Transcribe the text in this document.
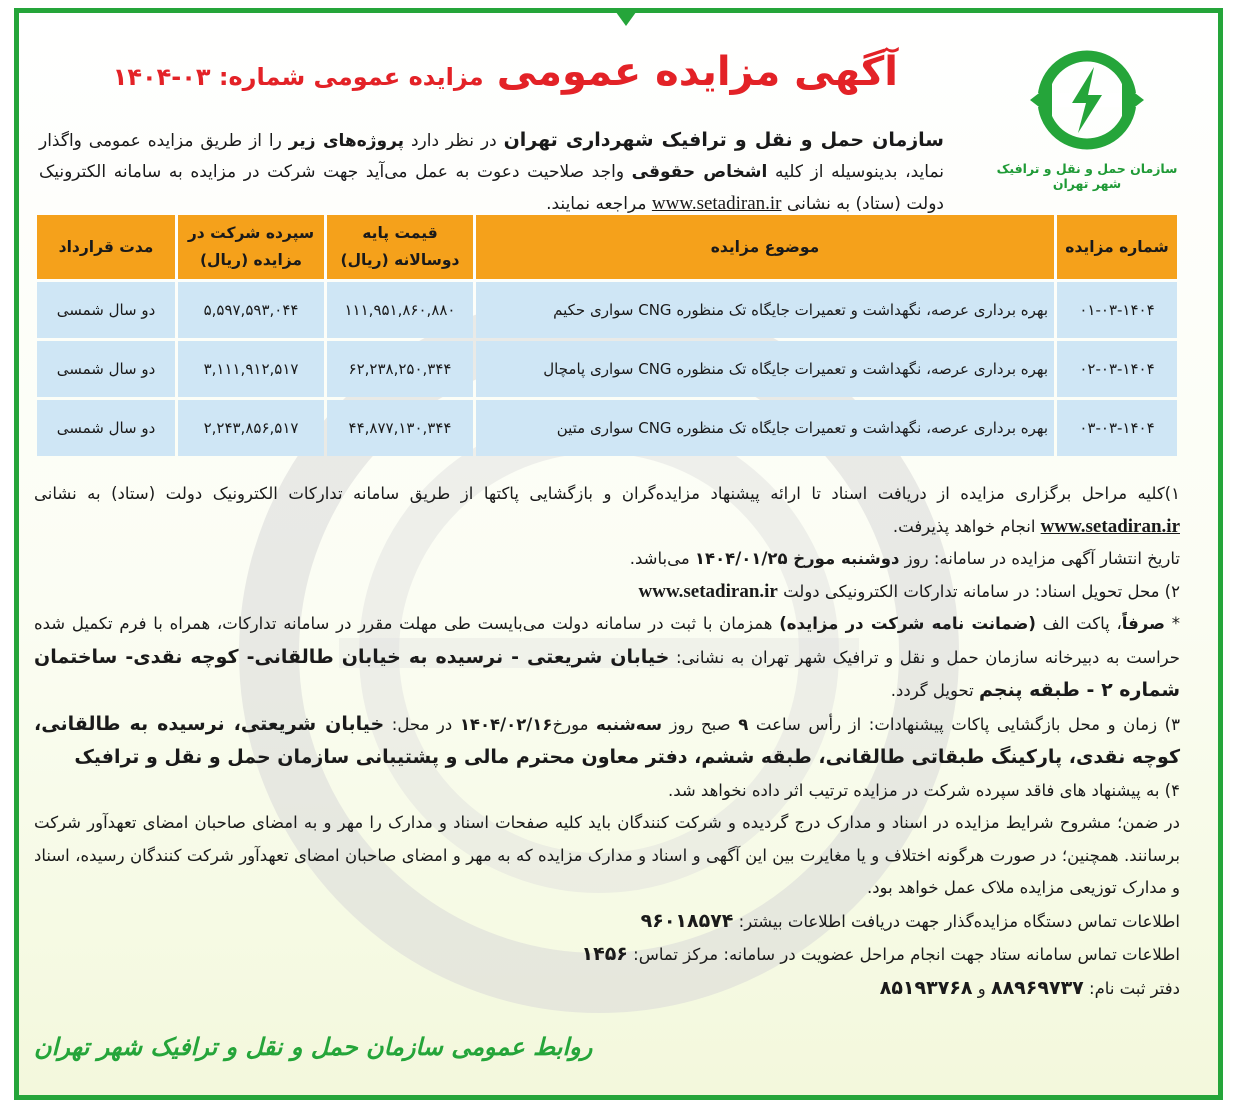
سازمان حمل و نقل و ترافیک شهر تهران
آگهی مزایده عمومی مزایده عمومی شماره: ۰۳-۱۴۰۴
سازمان حمل و نقل و ترافیک شهرداری تهران در نظر دارد پروژه‌های زیر را از طریق مزایده عمومی واگذار نماید، بدینوسیله از کلیه اشخاص حقوقی واجد صلاحیت دعوت به عمل می‌آید جهت شرکت در مزایده به سامانه الکترونیک دولت (ستاد) به نشانی www.setadiran.ir مراجعه نمایند.
شماره مزایده	موضوع مزایده	قیمت پایه دوسالانه (ریال)	سپرده شرکت در مزایده (ریال)	مدت قرارداد
۰۱-۰۳-۱۴۰۴	بهره برداری عرصه، نگهداشت و تعمیرات جایگاه تک منظوره CNG سواری حکیم	۱۱۱,۹۵۱,۸۶۰,۸۸۰	۵,۵۹۷,۵۹۳,۰۴۴	دو سال شمسی
۰۲-۰۳-۱۴۰۴	بهره برداری عرصه، نگهداشت و تعمیرات جایگاه تک منظوره CNG سواری پامچال	۶۲,۲۳۸,۲۵۰,۳۴۴	۳,۱۱۱,۹۱۲,۵۱۷	دو سال شمسی
۰۳-۰۳-۱۴۰۴	بهره برداری عرصه، نگهداشت و تعمیرات جایگاه تک منظوره CNG سواری متین	۴۴,۸۷۷,۱۳۰,۳۴۴	۲,۲۴۳,۸۵۶,۵۱۷	دو سال شمسی

۱)کلیه مراحل برگزاری مزایده از دریافت اسناد تا ارائه پیشنهاد مزایده‌گران و بازگشایی پاکتها از طریق سامانه تدارکات الکترونیک دولت (ستاد) به نشانی www.setadiran.ir انجام خواهد پذیرفت.

تاریخ انتشار آگهی مزایده در سامانه: روز دوشنبه مورخ ۱۴۰۴/۰۱/۲۵ می‌باشد.

۲) محل تحویل اسناد: در سامانه تدارکات الکترونیکی دولت www.setadiran.ir

* صرفاً، پاکت الف (ضمانت نامه شرکت در مزایده) همزمان با ثبت در سامانه دولت می‌بایست طی مهلت مقرر در سامانه تدارکات، همراه با فرم تکمیل شده حراست به دبیرخانه سازمان حمل و نقل و ترافیک شهر تهران به نشانی: خیابان شریعتی - نرسیده به خیابان طالقانی- کوچه نقدی- ساختمان شماره ۲ - طبقه پنجم تحویل گردد.

۳) زمان و محل بازگشایی پاکات پیشنهادات: از رأس ساعت ۹ صبح روز سه‌شنبه مورخ۱۴۰۴/۰۲/۱۶ در محل: خیابان شریعتی، نرسیده به طالقانی، کوچه نقدی، پارکینگ طبقاتی طالقانی، طبقه ششم، دفتر معاون محترم مالی و پشتیبانی سازمان حمل و نقل و ترافیک

۴) به پیشنهاد های فاقد سپرده شرکت در مزایده ترتیب اثر داده نخواهد شد.

در ضمن؛ مشروح شرایط مزایده در اسناد و مدارک درج گردیده و شرکت کنندگان باید کلیه صفحات اسناد و مدارک را مهر و به امضای صاحبان امضای تعهدآور شرکت برسانند. همچنین؛ در صورت هرگونه اختلاف و یا مغایرت بین این آگهی و اسناد و مدارک مزایده که به مهر و امضای صاحبان امضای تعهدآور شرکت کنندگان رسیده، اسناد و مدارک توزیعی مزایده ملاک عمل خواهد بود.

اطلاعات تماس دستگاه مزایده‌گذار جهت دریافت اطلاعات بیشتر: ۹۶۰۱۸۵۷۴

اطلاعات تماس سامانه ستاد جهت انجام مراحل عضویت در سامانه: مرکز تماس: ۱۴۵۶

دفتر ثبت نام: ۸۸۹۶۹۷۳۷ و ۸۵۱۹۳۷۶۸

روابط عمومی سازمان حمل و نقل و ترافیک شهر تهران
